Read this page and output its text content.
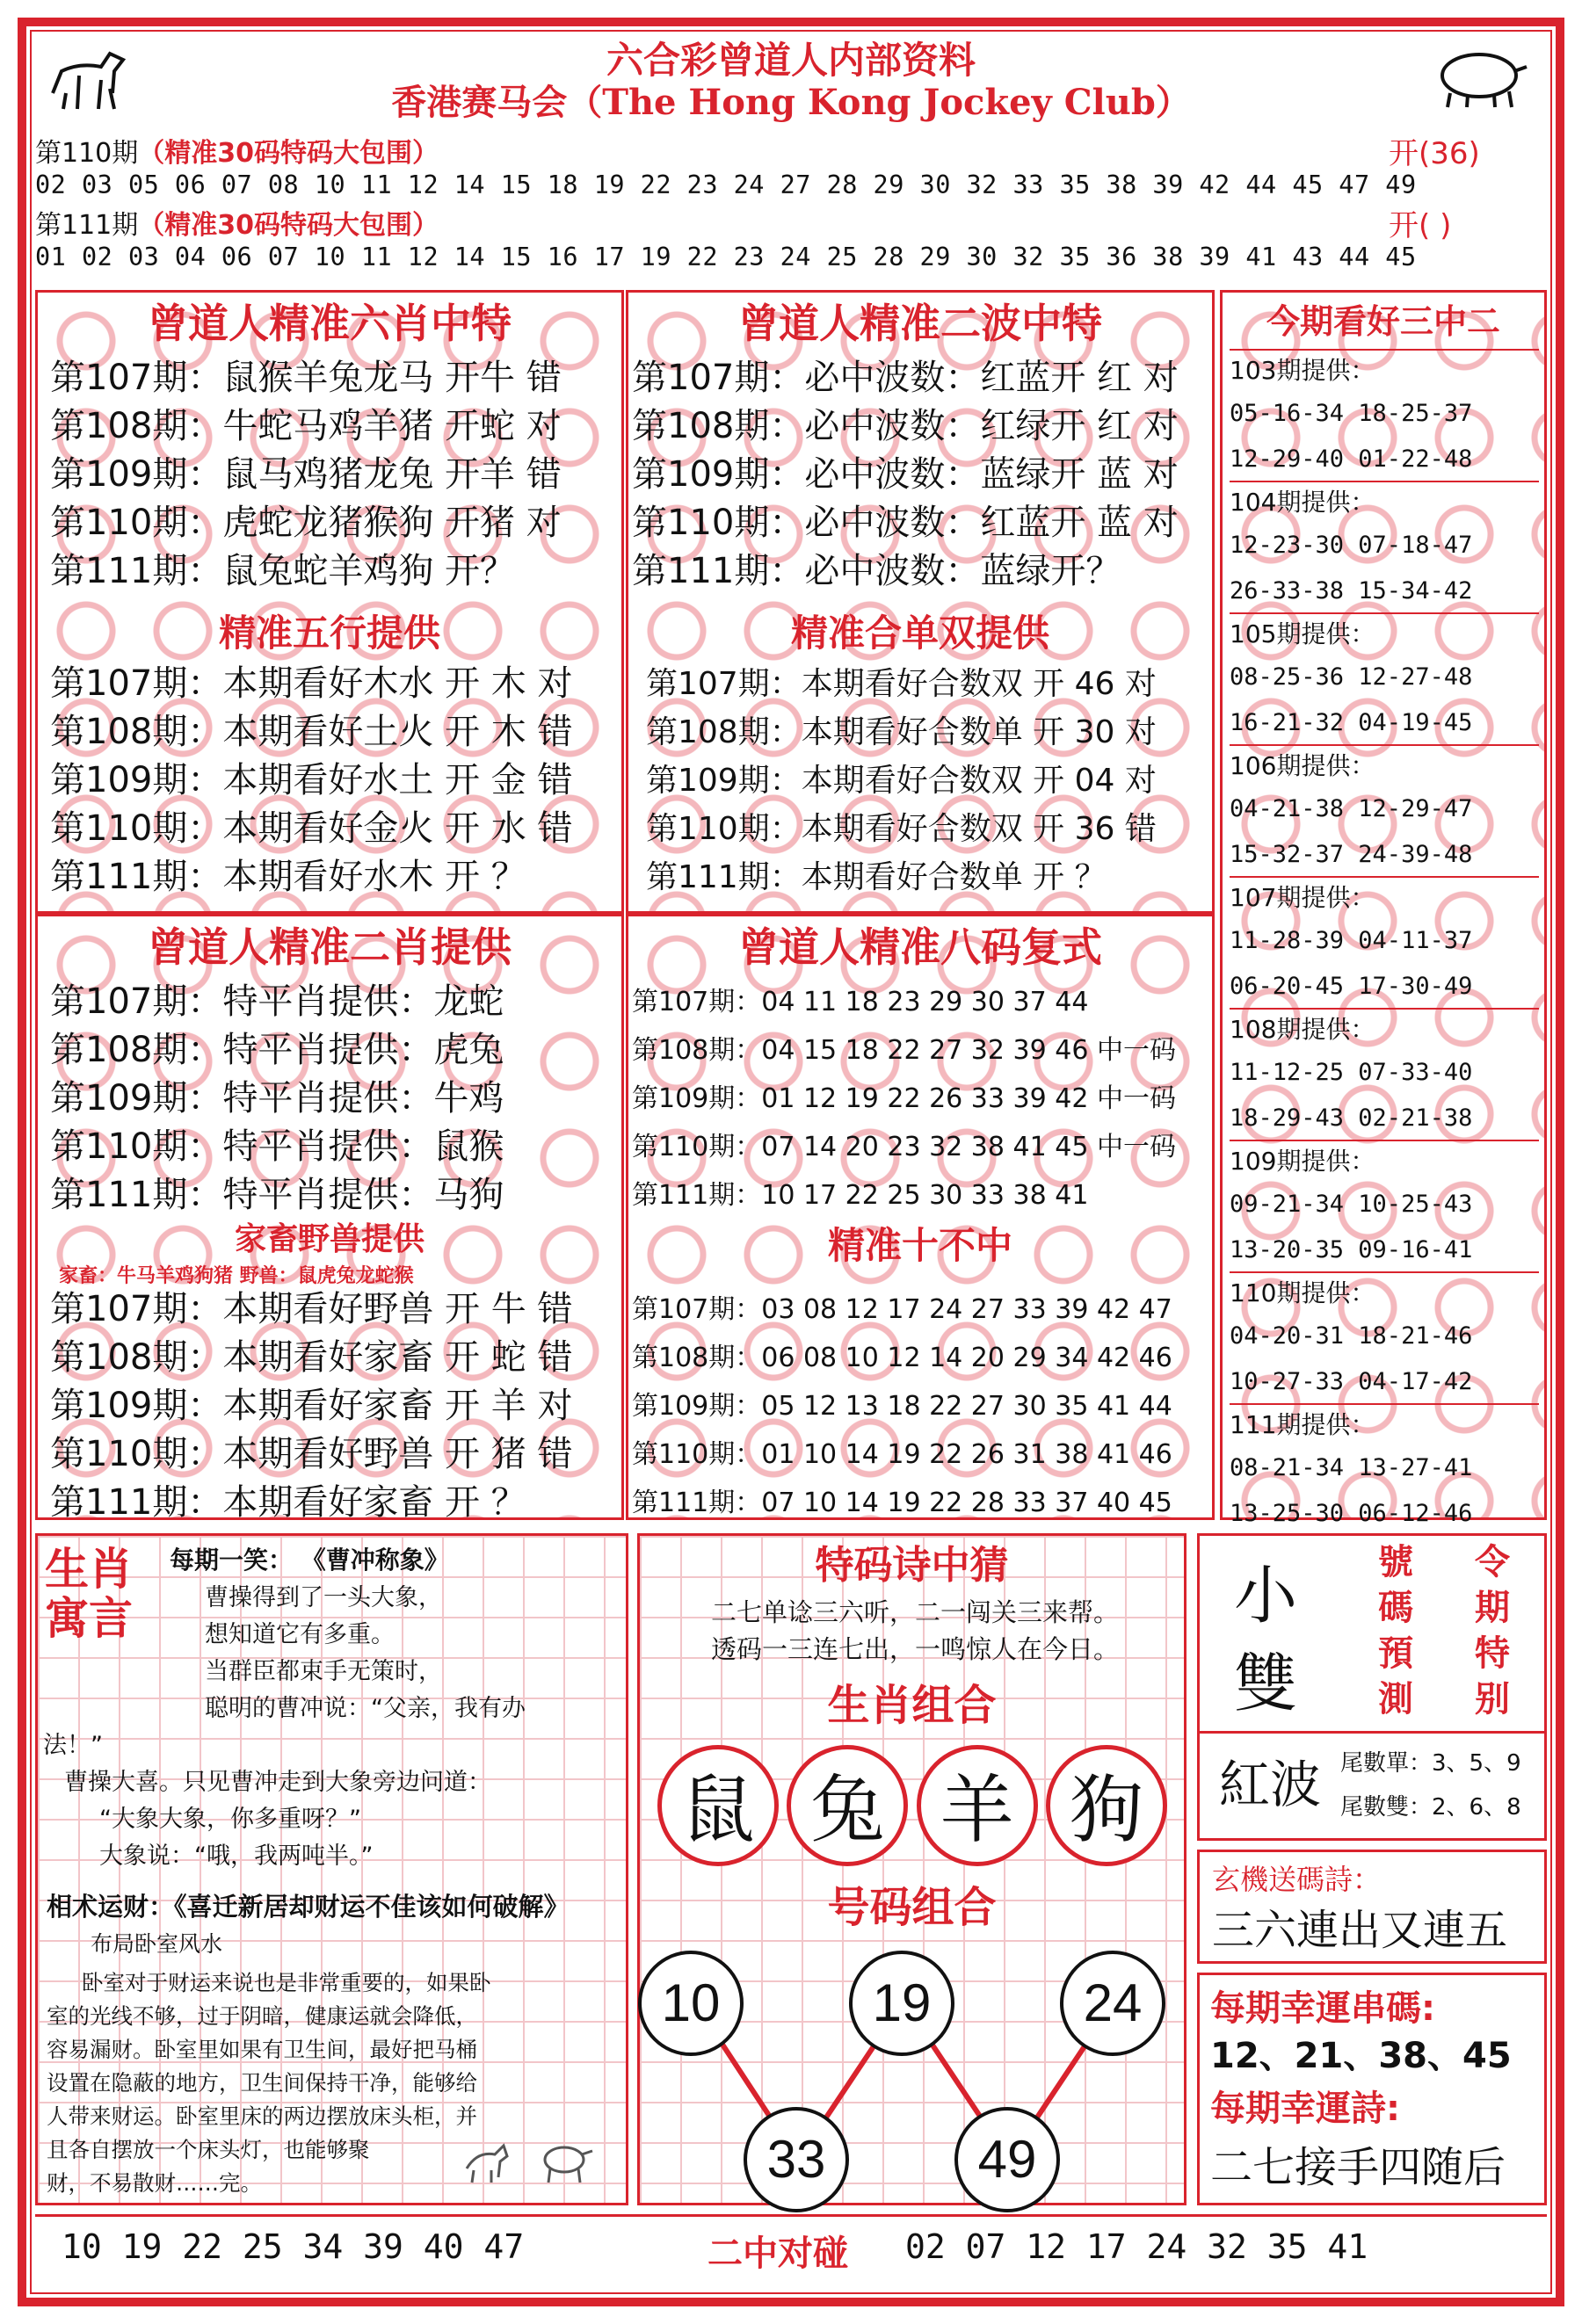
六合彩曾道人内部资料
香港赛马会（The Hong Kong Jockey Club）
第110期（精准30码特码大包围）	开(36)
02 03 05 06 07 08 10 11 12 14 15 18 19 22 23 24 27 28 29 30 32 33 35 38 39 42 44 45 47 49
第111期（精准30码特码大包围）	开( )
01 02 03 04 06 07 10 11 12 14 15 16 17 19 22 23 24 25 28 29 30 32 35 36 38 39 41 43 44 45
曾道人精准六肖中特
第107期：鼠猴羊兔龙马 开牛 错
第108期：牛蛇马鸡羊猪 开蛇 对
第109期：鼠马鸡猪龙兔 开羊 错
第110期：虎蛇龙猪猴狗 开猪 对
第111期：鼠兔蛇羊鸡狗 开？
精准五行提供
第107期：本期看好木水 开 木 对
第108期：本期看好土火 开 木 错
第109期：本期看好水土 开 金 错
第110期：本期看好金火 开 水 错
第111期：本期看好水木 开 ？
曾道人精准二波中特
第107期：必中波数：红蓝开 红 对
第108期：必中波数：红绿开 红 对
第109期：必中波数：蓝绿开 蓝 对
第110期：必中波数：红蓝开 蓝 对
第111期：必中波数：蓝绿开？
精准合单双提供
第107期：本期看好合数双 开 46 对
第108期：本期看好合数单 开 30 对
第109期：本期看好合数双 开 04 对
第110期：本期看好合数双 开 36 错
第111期：本期看好合数单 开 ？
今期看好三中二
103期提供：
05-16-34 18-25-37
12-29-40 01-22-48
104期提供：
12-23-30 07-18-47
26-33-38 15-34-42
105期提供：
08-25-36 12-27-48
16-21-32 04-19-45
106期提供：
04-21-38 12-29-47
15-32-37 24-39-48
107期提供：
11-28-39 04-11-37
06-20-45 17-30-49
108期提供：
11-12-25 07-33-40
18-29-43 02-21-38
109期提供：
09-21-34 10-25-43
13-20-35 09-16-41
110期提供：
04-20-31 18-21-46
10-27-33 04-17-42
111期提供：
08-21-34 13-27-41
13-25-30 06-12-46
曾道人精准二肖提供
第107期：特平肖提供：龙蛇
第108期：特平肖提供：虎兔
第109期：特平肖提供：牛鸡
第110期：特平肖提供：鼠猴
第111期：特平肖提供：马狗
家畜野兽提供
家畜：牛马羊鸡狗猪 野兽：鼠虎兔龙蛇猴
第107期：本期看好野兽 开 牛 错
第108期：本期看好家畜 开 蛇 错
第109期：本期看好家畜 开 羊 对
第110期：本期看好野兽 开 猪 错
第111期：本期看好家畜 开 ？
曾道人精准八码复式
第107期：04 11 18 23 29 30 37 44
第108期：04 15 18 22 27 32 39 46 中一码
第109期：01 12 19 22 26 33 39 42 中一码
第110期：07 14 20 23 32 38 41 45 中一码
第111期：10 17 22 25 30 33 38 41
精准十不中
第107期：03 08 12 17 24 27 33 39 42 47
第108期：06 08 10 12 14 20 29 34 42 46
第109期：05 12 13 18 22 27 30 35 41 44
第110期：01 10 14 19 22 26 31 38 41 46
第111期：07 10 14 19 22 28 33 37 40 45
生肖寓言
每期一笑： 《曹冲称象》
曹操得到了一头大象，
想知道它有多重。
当群臣都束手无策时，
聪明的曹冲说：“父亲，我有办
法！”
曹操大喜。只见曹冲走到大象旁边问道：
“大象大象，你多重呀？”
大象说：“哦，我两吨半。”
相术运财：《喜迁新居却财运不佳该如何破解》
布局卧室风水
卧室对于财运来说也是非常重要的，如果卧
室的光线不够，过于阴暗，健康运就会降低，
容易漏财。卧室里如果有卫生间，最好把马桶
设置在隐蔽的地方，卫生间保持干净，能够给
人带来财运。卧室里床的两边摆放床头柜，并
且各自摆放一个床头灯，也能够聚
财，不易散财……完。
特码诗中猜
二七单谂三六听，二一闯关三来帮。
透码一三连七出，一鸣惊人在今日。
生肖组合
鼠 兔 羊 狗
号码组合
10	19	24
33	49
小
雙
號	令
碼	期
預	特
測	别
紅波 尾數單：3、5、9
尾數雙：2、6、8
玄機送碼詩：
三六連出又連五
每期幸運串碼:
12、21、38、45
每期幸運詩:
二七接手四随后
10 19 22 25 34 39 40 47	二中对碰 02 07 12 17 24 32 35 41
